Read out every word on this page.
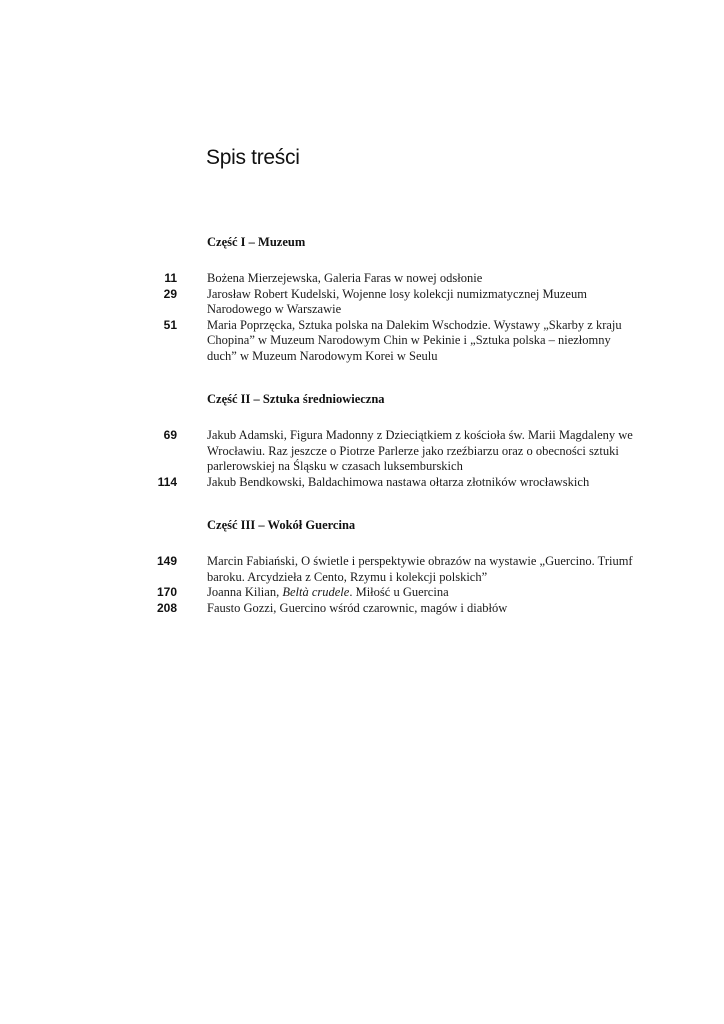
Spis treści
Część I – Muzeum
11 Bożena Mierzejewska, Galeria Faras w nowej odsłonie
29 Jarosław Robert Kudelski, Wojenne losy kolekcji numizmatycznej Muzeum Narodowego w Warszawie
51 Maria Poprzęcka, Sztuka polska na Dalekim Wschodzie. Wystawy „Skarby z kraju Chopina” w Muzeum Narodowym Chin w Pekinie i „Sztuka polska – niezłomny duch” w Muzeum Narodowym Korei w Seulu
Część II – Sztuka średniowieczna
69 Jakub Adamski, Figura Madonny z Dzieciątkiem z kościoła św. Marii Magdaleny we Wrocławiu. Raz jeszcze o Piotrze Parlerze jako rzeźbiarzu oraz o obecności sztuki parlerowskiej na Śląsku w czasach luksemburskich
114 Jakub Bendkowski, Baldachimowa nastawa ołtarza złotników wrocławskich
Część III – Wokół Guercina
149 Marcin Fabiański, O świetle i perspektywie obrazów na wystawie „Guercino. Triumf baroku. Arcydzieła z Cento, Rzymu i kolekcji polskich”
170 Joanna Kilian, Beltà crudele. Miłość u Guercina
208 Fausto Gozzi, Guercino wśród czarownic, magów i diabłów
